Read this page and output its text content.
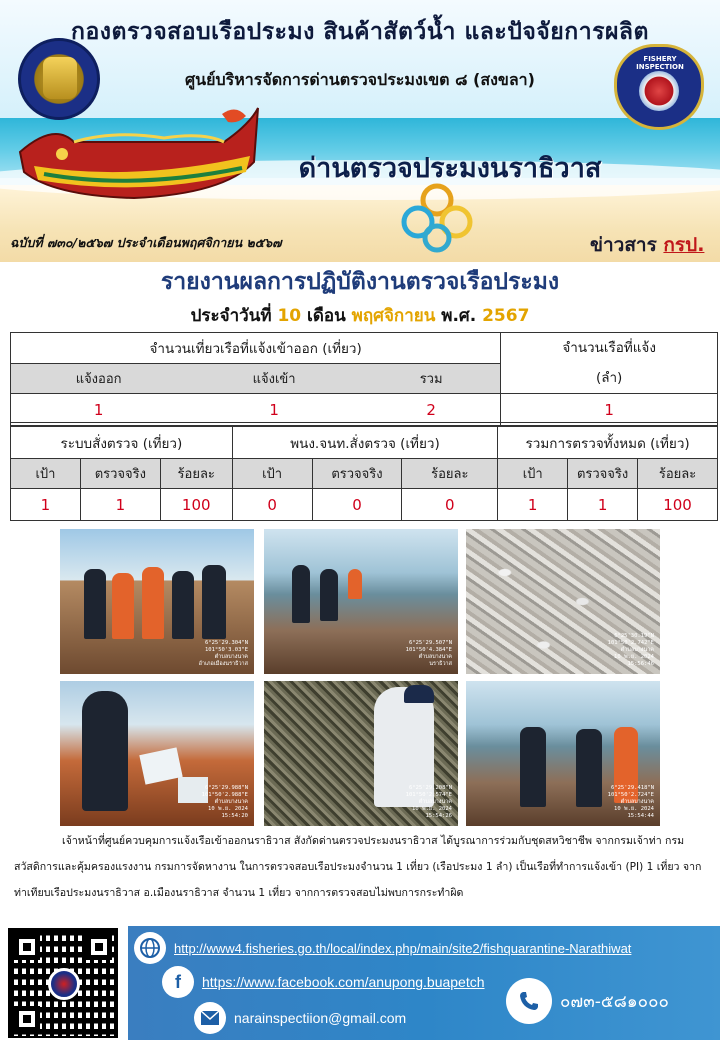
FISHERY INSPECTION
กองตรวจสอบเรือประมง สินค้าสัตว์น้ำ และปัจจัยการผลิต
ศูนย์บริหารจัดการด่านตรวจประมงเขต ๘ (สงขลา)
ด่านตรวจประมงนราธิวาส
ฉบับที่ ๗๓๐/๒๕๖๗ ประจำเดือนพฤศจิกายน ๒๕๖๗	ข่าวสาร กรป.
รายงานผลการปฏิบัติงานตรวจเรือประมง
ประจำวันที่ 10 เดือน พฤศจิกายน พ.ศ. 2567
จำนวนเที่ยวเรือที่แจ้งเข้าออก (เที่ยว)			จำนวนเรือที่แจ้ง
(ลำ)

แจ้งออก	แจ้งเข้า	รวม	
1	1	2	1
ระบบสั่งตรวจ (เที่ยว)			พนง.จนท.สั่งตรวจ (เที่ยว)			รวมการตรวจทั้งหมด (เที่ยว)		
เป้า	ตรวจจริง	ร้อยละ	เป้า	ตรวจจริง	ร้อยละ	เป้า	ตรวจจริง	ร้อยละ
1	1	100	0	0	0	1	1	100
6°25'29.304"N 101°50'3.03"E
ตำบลบางนาค
อำเภอเมืองนราธิวาส
6°25'29.507"N 101°50'4.384"E
ตำบลบางนาค
นราธิวาส
6°25'30.19"N 101°50'2.742"E
ตำบลบางนาค
10 พ.ย. 2024 15:56:46
6°25'29.988"N 101°50'2.988"E
ตำบลบางนาค
10 พ.ย. 2024 15:54:20
6°25'29.208"N 101°50'2.574"E
ตำบลบางนาค
10 พ.ย. 2024 15:54:26
6°25'29.418"N 101°50'2.724"E
ตำบลบางนาค
10 พ.ย. 2024 15:54:44
เจ้าหน้าที่ศูนย์ควบคุมการแจ้งเรือเข้าออกนราธิวาส สังกัดด่านตรวจประมงนราธิวาส ได้บูรณาการร่วมกับชุดสหวิชาชีพ จากกรมเจ้าท่า กรมสวัสดิการและคุ้มครองแรงงาน กรมการจัดหางาน ในการตรวจสอบเรือประมงจำนวน 1 เที่ยว (เรือประมง 1 ลำ) เป็นเรือที่ทำการแจ้งเข้า (PI) 1 เที่ยว จากท่าเทียบเรือประมงนราธิวาส อ.เมืองนราธิวาส จำนวน 1 เที่ยว จากการตรวจสอบไม่พบการกระทำผิด
http://www4.fisheries.go.th/local/index.php/main/site2/fishquarantine-Narathiwat
f	https://www.facebook.com/anupong.buapetch
narainspectiion@gmail.com
๐๗๓-๕๘๑๐๐๐
